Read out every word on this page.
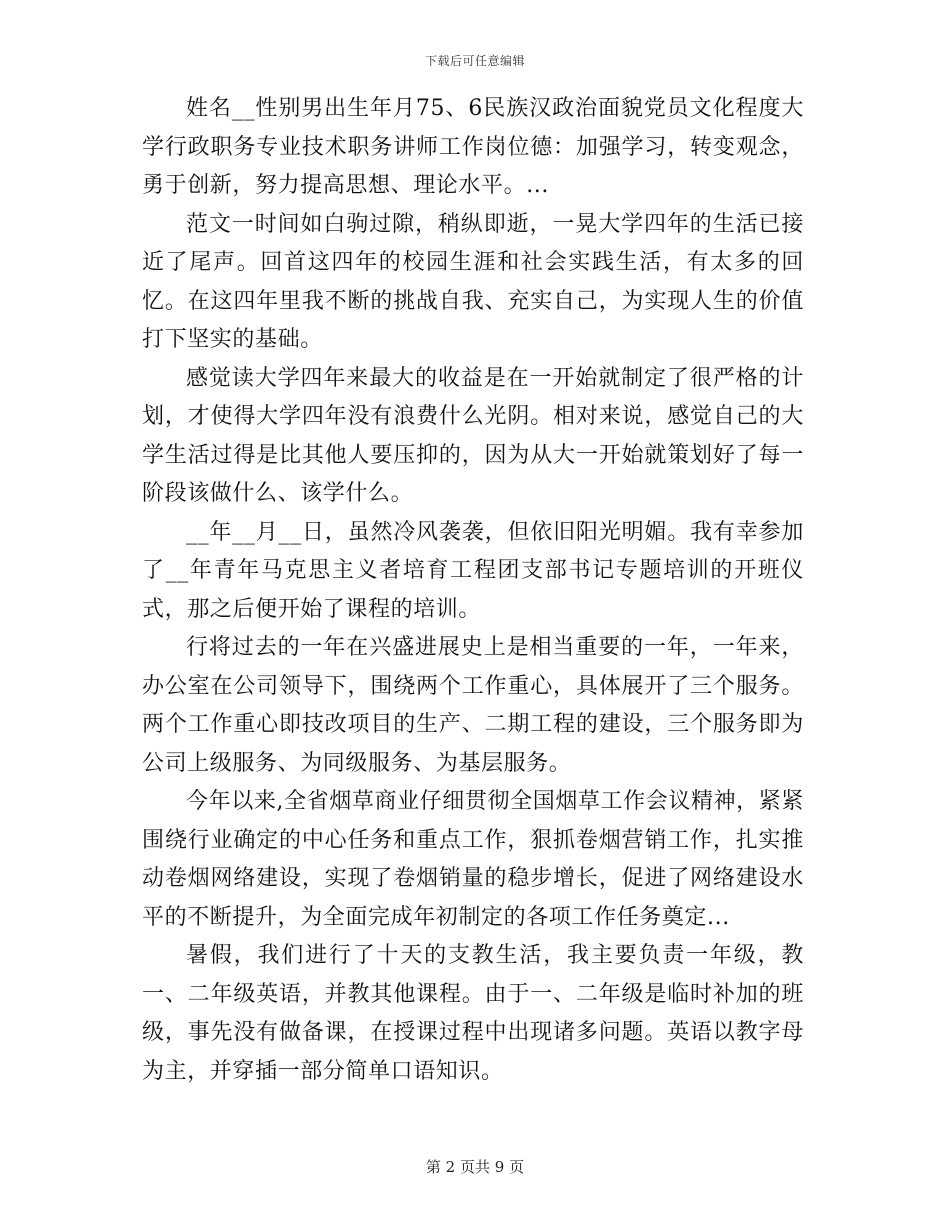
下载后可任意编辑

姓名__性别男出生年月75、6民族汉政治面貌党员文化程度大学行政职务专业技术职务讲师工作岗位德：加强学习，转变观念，勇于创新，努力提高思想、理论水平。...

范文一时间如白驹过隙，稍纵即逝，一晃大学四年的生活已接近了尾声。回首这四年的校园生涯和社会实践生活，有太多的回忆。在这四年里我不断的挑战自我、充实自己，为实现人生的价值打下坚实的基础。

感觉读大学四年来最大的收益是在一开始就制定了很严格的计划，才使得大学四年没有浪费什么光阴。相对来说，感觉自己的大学生活过得是比其他人要压抑的，因为从大一开始就策划好了每一阶段该做什么、该学什么。

__年__月__日，虽然冷风袭袭，但依旧阳光明媚。我有幸参加了__年青年马克思主义者培育工程团支部书记专题培训的开班仪式，那之后便开始了课程的培训。

行将过去的一年在兴盛进展史上是相当重要的一年，一年来，办公室在公司领导下，围绕两个工作重心，具体展开了三个服务。两个工作重心即技改项目的生产、二期工程的建设，三个服务即为公司上级服务、为同级服务、为基层服务。

今年以来,全省烟草商业仔细贯彻全国烟草工作会议精神，紧紧围绕行业确定的中心任务和重点工作，狠抓卷烟营销工作，扎实推动卷烟网络建设，实现了卷烟销量的稳步增长，促进了网络建设水平的不断提升，为全面完成年初制定的各项工作任务奠定...

暑假，我们进行了十天的支教生活，我主要负责一年级，教一、二年级英语，并教其他课程。由于一、二年级是临时补加的班级，事先没有做备课，在授课过程中出现诸多问题。英语以教字母为主，并穿插一部分简单口语知识。

第 2 页共 9 页
